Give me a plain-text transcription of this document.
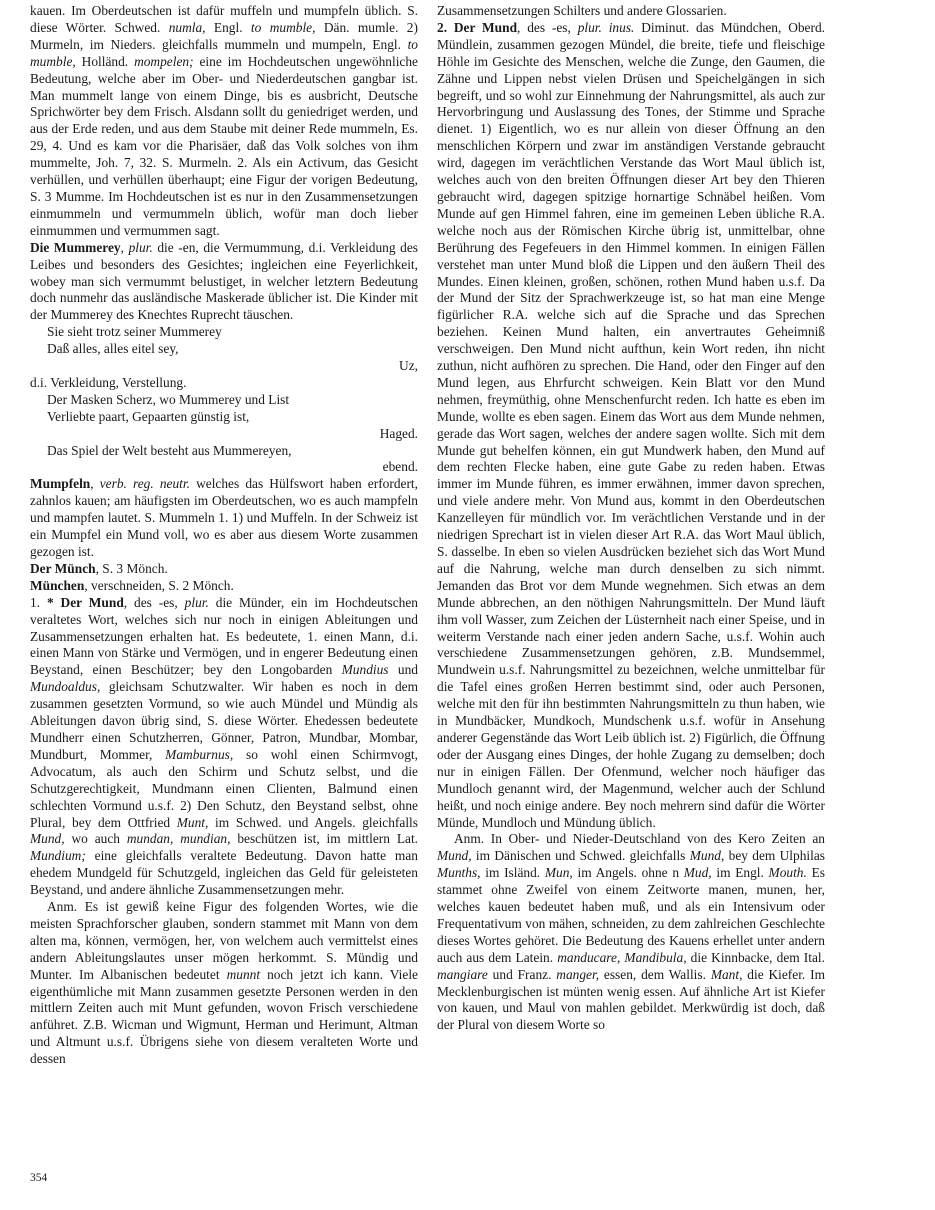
kauen. Im Oberdeutschen ist dafür muffeln und mumpfeln üblich. S. diese Wörter. Schwed. numla, Engl. to mumble, Dän. mumle. 2) Murmeln, im Nieders. gleichfalls mummeln und mumpeln, Engl. to mumble, Holländ. mompelen; eine im Hochdeutschen ungewöhnliche Bedeutung, welche aber im Ober- und Niederdeutschen gangbar ist. Man mummelt lange von einem Dinge, bis es ausbricht, Deutsche Sprichwörter bey dem Frisch. Alsdann sollt du geniedriget werden, und aus der Erde reden, und aus dem Staube mit deiner Rede mummeln, Es. 29, 4. Und es kam vor die Pharisäer, daß das Volk solches von ihm mummelte, Joh. 7, 32. S. Murmeln. 2. Als ein Activum, das Gesicht verhüllen, und verhüllen überhaupt; eine Figur der vorigen Bedeutung, S. 3 Mumme. Im Hochdeutschen ist es nur in den Zusammensetzungen einmummeln und vermummeln üblich, wofür man doch lieber einmummen und vermummen sagt.
Die Mummerey, plur. die -en, die Vermummung, d.i. Verkleidung des Leibes und besonders des Gesichtes; ingleichen eine Feyerlichkeit, wobey man sich vermummt belustiget, in welcher letztern Bedeutung doch nunmehr das ausländische Maskerade üblicher ist. Die Kinder mit der Mummerey des Knechtes Ruprecht täuschen.
Sie sieht trotz seiner Mummerey
Daß alles, alles eitel sey,
Uz,
d.i. Verkleidung, Verstellung.
Der Masken Scherz, wo Mummerey und List
Verliebte paart, Gepaarten günstig ist,
Haged.
Das Spiel der Welt besteht aus Mummereyen,
ebend.
Mumpfeln, verb. reg. neutr. welches das Hülfswort haben erfordert, zahnlos kauen; am häufigsten im Oberdeutschen, wo es auch mampfeln und mampfen lautet. S. Mummeln 1. 1) und Muffeln. In der Schweiz ist ein Mumpfel ein Mund voll, wo es aber aus diesem Worte zusammen gezogen ist.
Der Münch, S. 3 Mönch.
München, verschneiden, S. 2 Mönch.
1. * Der Mund, des -es, plur. die Münder, ein im Hochdeutschen veraltetes Wort, welches sich nur noch in einigen Ableitungen und Zusammensetzungen erhalten hat. Es bedeutete, 1. einen Mann, d.i. einen Mann von Stärke und Vermögen, und in engerer Bedeutung einen Beystand, einen Beschützer; bey den Longobarden Mundius und Mundoaldus, gleichsam Schutzwalter. Wir haben es noch in dem zusammen gesetzten Vormund, so wie auch Mündel und Mündig als Ableitungen davon übrig sind, S. diese Wörter. Ehedessen bedeutete Mundherr einen Schutzherren, Gönner, Patron, Mundbar, Mombar, Mundburt, Mommer, Mamburnus, so wohl einen Schirmvogt, Advocatum, als auch den Schirm und Schutz selbst, und die Schutzgerechtigkeit, Mundmann einen Clienten, Balmund einen schlechten Vormund u.s.f. 2) Den Schutz, den Beystand selbst, ohne Plural, bey dem Ottfried Munt, im Schwed. und Angels. gleichfalls Mund, wo auch mundan, mundian, beschützen ist, im mittlern Lat. Mundium; eine gleichfalls veraltete Bedeutung. Davon hatte man ehedem Mundgeld für Schutzgeld, ingleichen das Geld für geleisteten Beystand, und andere ähnliche Zusammensetzungen mehr.
Anm. Es ist gewiß keine Figur des folgenden Wortes, wie die meisten Sprachforscher glauben, sondern stammet mit Mann von dem alten ma, können, vermögen, her, von welchem auch vermittelst eines andern Ableitungslautes unser mögen herkommt. S. Mündig und Munter. Im Albanischen bedeutet munnt noch jetzt ich kann. Viele eigenthümliche mit Mann zusammen gesetzte Personen werden in den mittlern Zeiten auch mit Munt gefunden, wovon Frisch verschiedene anführet. Z.B. Wicman und Wigmunt, Herman und Herimunt, Altman und Altmunt u.s.f. Übrigens siehe von diesem veralteten Worte und dessen
Zusammensetzungen Schilters und andere Glossarien.
2. Der Mund, des -es, plur. inus. Diminut. das Mündchen, Oberd. Mündlein, zusammen gezogen Mündel, die breite, tiefe und fleischige Höhle im Gesichte des Menschen, welche die Zunge, den Gaumen, die Zähne und Lippen nebst vielen Drüsen und Speichelgängen in sich begreift, und so wohl zur Einnehmung der Nahrungsmittel, als auch zur Hervorbringung und Auslassung des Tones, der Stimme und Sprache dienet. 1) Eigentlich, wo es nur allein von dieser Öffnung an den menschlichen Körpern und zwar im anständigen Verstande gebraucht wird, dagegen im verächtlichen Verstande das Wort Maul üblich ist, welches auch von den breiten Öffnungen dieser Art bey den Thieren gebraucht wird, dagegen spitzige hornartige Schnäbel heißen. Vom Munde auf gen Himmel fahren, eine im gemeinen Leben übliche R.A. welche noch aus der Römischen Kirche übrig ist, unmittelbar, ohne Berührung des Fegefeuers in den Himmel kommen. In einigen Fällen verstehet man unter Mund bloß die Lippen und den äußern Theil des Mundes. Einen kleinen, großen, schönen, rothen Mund haben u.s.f. Da der Mund der Sitz der Sprachwerkzeuge ist, so hat man eine Menge figürlicher R.A. welche sich auf die Sprache und das Sprechen beziehen. Keinen Mund halten, ein anvertrautes Geheimniß verschweigen. Den Mund nicht aufthun, kein Wort reden, ihn nicht zuthun, nicht aufhören zu sprechen. Die Hand, oder den Finger auf den Mund legen, aus Ehrfurcht schweigen. Kein Blatt vor den Mund nehmen, freymüthig, ohne Menschenfurcht reden. Ich hatte es eben im Munde, wollte es eben sagen. Einem das Wort aus dem Munde nehmen, gerade das Wort sagen, welches der andere sagen wollte. Sich mit dem Munde gut behelfen können, ein gut Mundwerk haben, den Mund auf dem rechten Flecke haben, eine gute Gabe zu reden haben. Etwas immer im Munde führen, es immer erwähnen, immer davon sprechen, und viele andere mehr. Von Mund aus, kommt in den Oberdeutschen Kanzelleyen für mündlich vor. Im verächtlichen Verstande und in der niedrigen Sprechart ist in vielen dieser Art R.A. das Wort Maul üblich, S. dasselbe. In eben so vielen Ausdrücken beziehet sich das Wort Mund auf die Nahrung, welche man durch denselben zu sich nimmt. Jemanden das Brot vor dem Munde wegnehmen. Sich etwas an dem Munde abbrechen, an den nöthigen Nahrungsmitteln. Der Mund läuft ihm voll Wasser, zum Zeichen der Lüsternheit nach einer Speise, und in weiterm Verstande nach einer jeden andern Sache, u.s.f. Wohin auch verschiedene Zusammensetzungen gehören, z.B. Mundsemmel, Mundwein u.s.f. Nahrungsmittel zu bezeichnen, welche unmittelbar für die Tafel eines großen Herren bestimmt sind, oder auch Personen, welche mit den für ihn bestimmten Nahrungsmitteln zu thun haben, wie in Mundbäcker, Mundkoch, Mundschenk u.s.f. wofür in Ansehung anderer Gegenstände das Wort Leib üblich ist. 2) Figürlich, die Öffnung oder der Ausgang eines Dinges, der hohle Zugang zu demselben; doch nur in einigen Fällen. Der Ofenmund, welcher noch häufiger das Mundloch genannt wird, der Magenmund, welcher auch der Schlund heißt, und noch einige andere. Bey noch mehrern sind dafür die Wörter Münde, Mundloch und Mündung üblich.
Anm. In Ober- und Nieder-Deutschland von des Kero Zeiten an Mund, im Dänischen und Schwed. gleichfalls Mund, bey dem Ulphilas Munths, im Isländ. Mun, im Angels. ohne n Mud, im Engl. Mouth. Es stammet ohne Zweifel von einem Zeitworte manen, munen, her, welches kauen bedeutet haben muß, und als ein Intensivum oder Frequentativum von mähen, schneiden, zu dem zahlreichen Geschlechte dieses Wortes gehöret. Die Bedeutung des Kauens erhellet unter andern auch aus dem Latein. manducare, Mandibula, die Kinnbacke, dem Ital. mangiare und Franz. manger, essen, dem Wallis. Mant, die Kiefer. Im Mecklenburgischen ist münten wenig essen. Auf ähnliche Art ist Kiefer von kauen, und Maul von mahlen gebildet. Merkwürdig ist doch, daß der Plural von diesem Worte so
354
